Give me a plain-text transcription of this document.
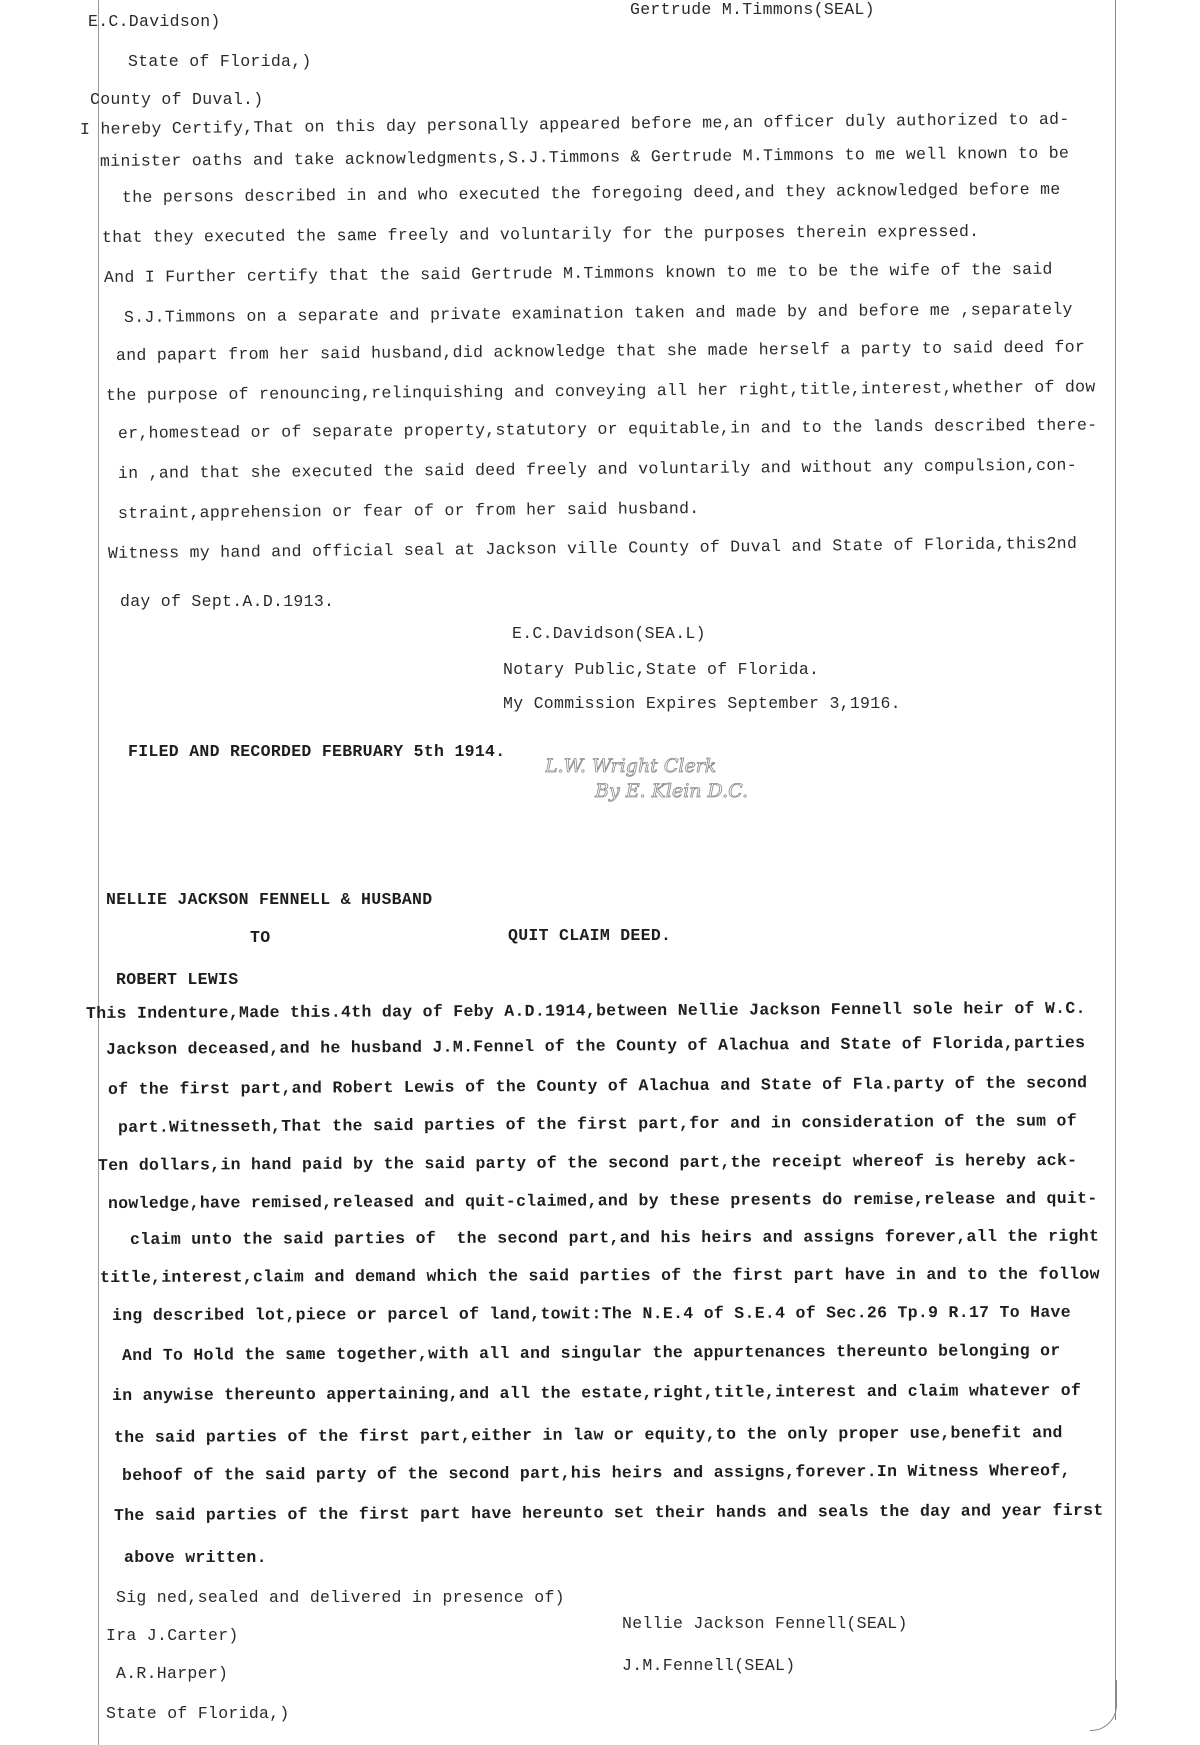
Gertrude M.Timmons(SEAL)
E.C.Davidson)
State of Florida,)
County of Duval.)
I hereby Certify,That on this day personally appeared before me,an officer duly authorized to ad-
minister oaths and take acknowledgments,S.J.Timmons & Gertrude M.Timmons to me well known to be
the persons described in and who executed the foregoing deed,and they acknowledged before me
that they executed the same freely and voluntarily for the purposes therein expressed.
And I Further certify that the said Gertrude M.Timmons known to me to be the wife of the said
S.J.Timmons on a separate and private examination taken and made by and before me ,separately
and papart from her said husband,did acknowledge that she made herself a party to said deed for
the purpose of renouncing,relinquishing and conveying all her right,title,interest,whether of dow
er,homestead or of separate property,statutory or equitable,in and to the lands described there-
in ,and that she executed the said deed freely and voluntarily and without any compulsion,con-
straint,apprehension or fear of or from her said husband.
Witness my hand and official seal at Jackson ville County of Duval and State of Florida,this2nd
day of Sept.A.D.1913.
E.C.Davidson(SEA.L)
Notary Public,State of Florida.
My Commission Expires September 3,1916.
FILED AND RECORDED FEBRUARY 5th 1914.
L.W. Wright Clerk
By E. Klein D.C.
NELLIE JACKSON FENNELL & HUSBAND
TO	QUIT CLAIM DEED.
ROBERT LEWIS
This Indenture,Made this.4th day of Feby A.D.1914,between Nellie Jackson Fennell sole heir of W.C.
Jackson deceased,and he husband J.M.Fennel of the County of Alachua and State of Florida,parties
of the first part,and Robert Lewis of the County of Alachua and State of Fla.party of the second
part.Witnesseth,That the said parties of the first part,for and in consideration of the sum of
Ten dollars,in hand paid by the said party of the second part,the receipt whereof is hereby ack-
nowledge,have remised,released and quit-claimed,and by these presents do remise,release and quit-
claim unto the said parties of  the second part,and his heirs and assigns forever,all the right
title,interest,claim and demand which the said parties of the first part have in and to the follow
ing described lot,piece or parcel of land,towit:The N.E.4 of S.E.4 of Sec.26 Tp.9 R.17 To Have
And To Hold the same together,with all and singular the appurtenances thereunto belonging or
in anywise thereunto appertaining,and all the estate,right,title,interest and claim whatever of
the said parties of the first part,either in law or equity,to the only proper use,benefit and
behoof of the said party of the second part,his heirs and assigns,forever.In Witness Whereof,
The said parties of the first part have hereunto set their hands and seals the day and year first
above written.
Sig ned,sealed and delivered in presence of)
Nellie Jackson Fennell(SEAL)
Ira J.Carter)
J.M.Fennell(SEAL)
A.R.Harper)
State of Florida,)
